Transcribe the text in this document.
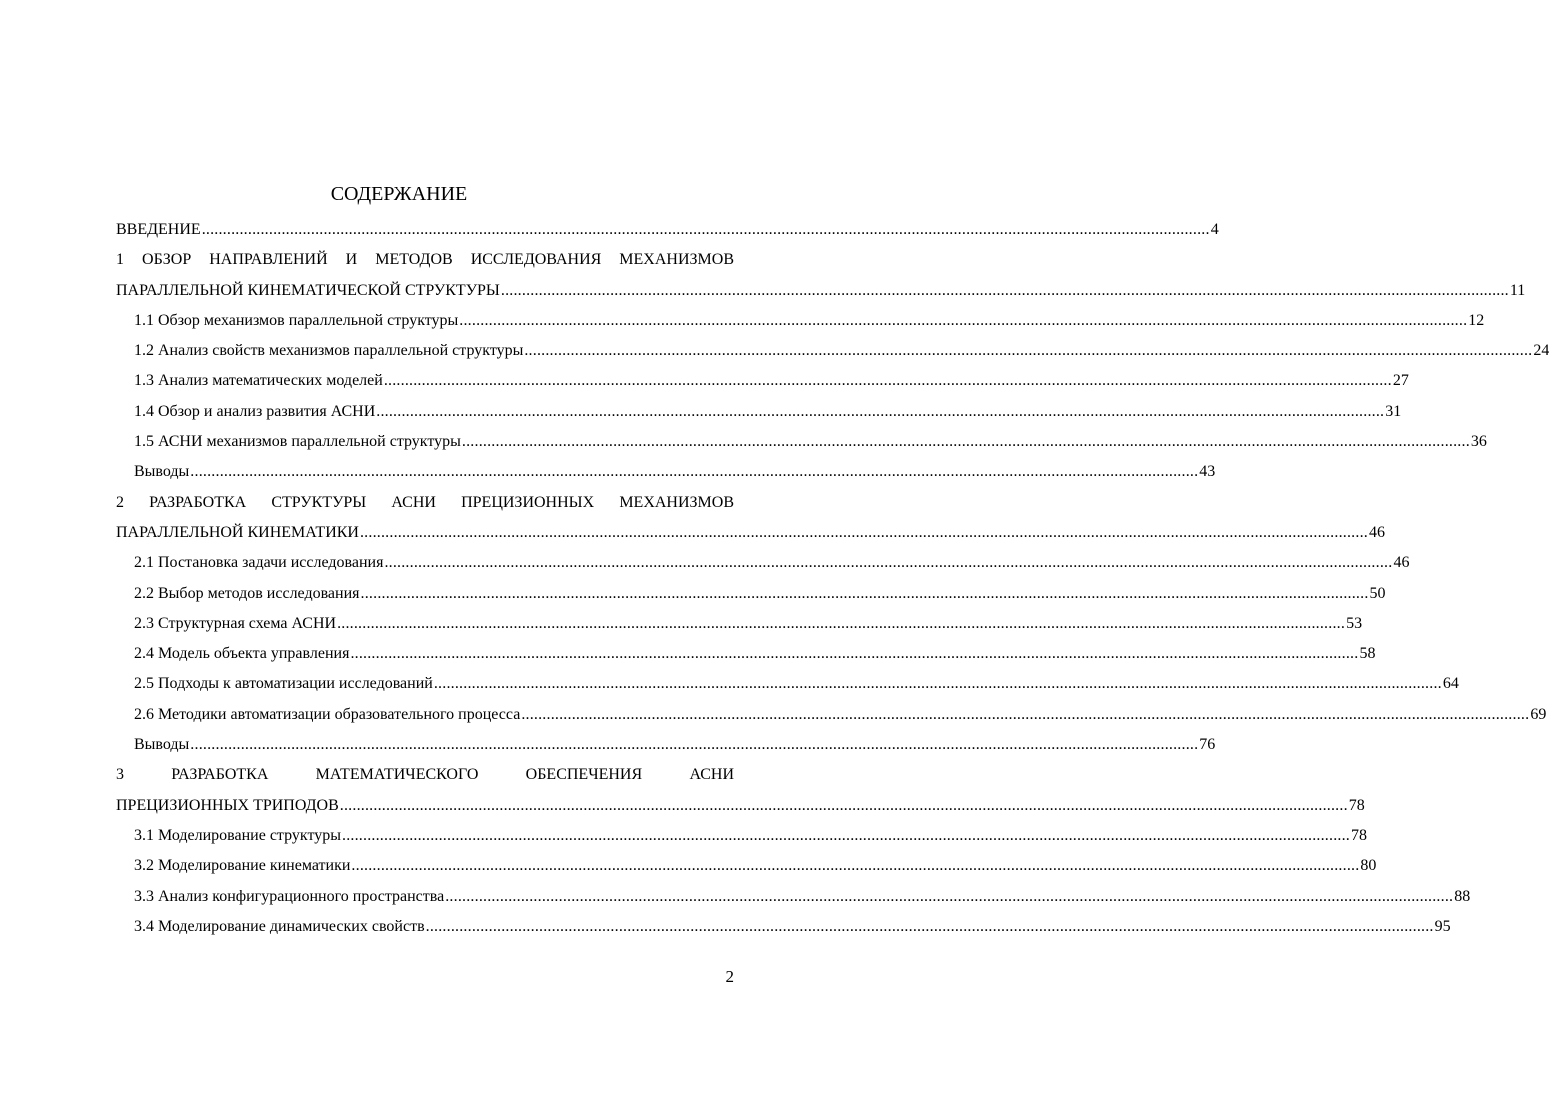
СОДЕРЖАНИЕ
ВВЕДЕНИЕ ................................................................................................................................................................................................................................................ 4
1 ОБЗОР НАПРАВЛЕНИЙ И МЕТОДОВ ИССЛЕДОВАНИЯ МЕХАНИЗМОВ
ПАРАЛЛЕЛЬНОЙ КИНЕМАТИЧЕСКОЙ СТРУКТУРЫ ................................................................................................................................................................................................................................................ 11
1.1 Обзор механизмов параллельной структуры ................................................................................................................................................................................................................................................ 12
1.2 Анализ свойств механизмов параллельной структуры ................................................................................................................................................................................................................................................ 24
1.3 Анализ математических моделей ................................................................................................................................................................................................................................................ 27
1.4 Обзор и анализ развития АСНИ ................................................................................................................................................................................................................................................ 31
1.5 АСНИ механизмов параллельной структуры ................................................................................................................................................................................................................................................ 36
Выводы ................................................................................................................................................................................................................................................ 43
2 РАЗРАБОТКА СТРУКТУРЫ АСНИ ПРЕЦИЗИОННЫХ МЕХАНИЗМОВ
ПАРАЛЛЕЛЬНОЙ КИНЕМАТИКИ ................................................................................................................................................................................................................................................ 46
2.1 Постановка задачи исследования ................................................................................................................................................................................................................................................ 46
2.2 Выбор методов исследования ................................................................................................................................................................................................................................................ 50
2.3 Структурная схема АСНИ ................................................................................................................................................................................................................................................ 53
2.4 Модель объекта управления ................................................................................................................................................................................................................................................ 58
2.5 Подходы к автоматизации исследований ................................................................................................................................................................................................................................................ 64
2.6 Методики автоматизации образовательного процесса ................................................................................................................................................................................................................................................ 69
Выводы ................................................................................................................................................................................................................................................ 76
3 РАЗРАБОТКА МАТЕМАТИЧЕСКОГО ОБЕСПЕЧЕНИЯ АСНИ
ПРЕЦИЗИОННЫХ ТРИПОДОВ ................................................................................................................................................................................................................................................ 78
3.1 Моделирование структуры ................................................................................................................................................................................................................................................ 78
3.2 Моделирование кинематики ................................................................................................................................................................................................................................................ 80
3.3 Анализ конфигурационного пространства ................................................................................................................................................................................................................................................ 88
3.4 Моделирование динамических свойств ................................................................................................................................................................................................................................................ 95
2
